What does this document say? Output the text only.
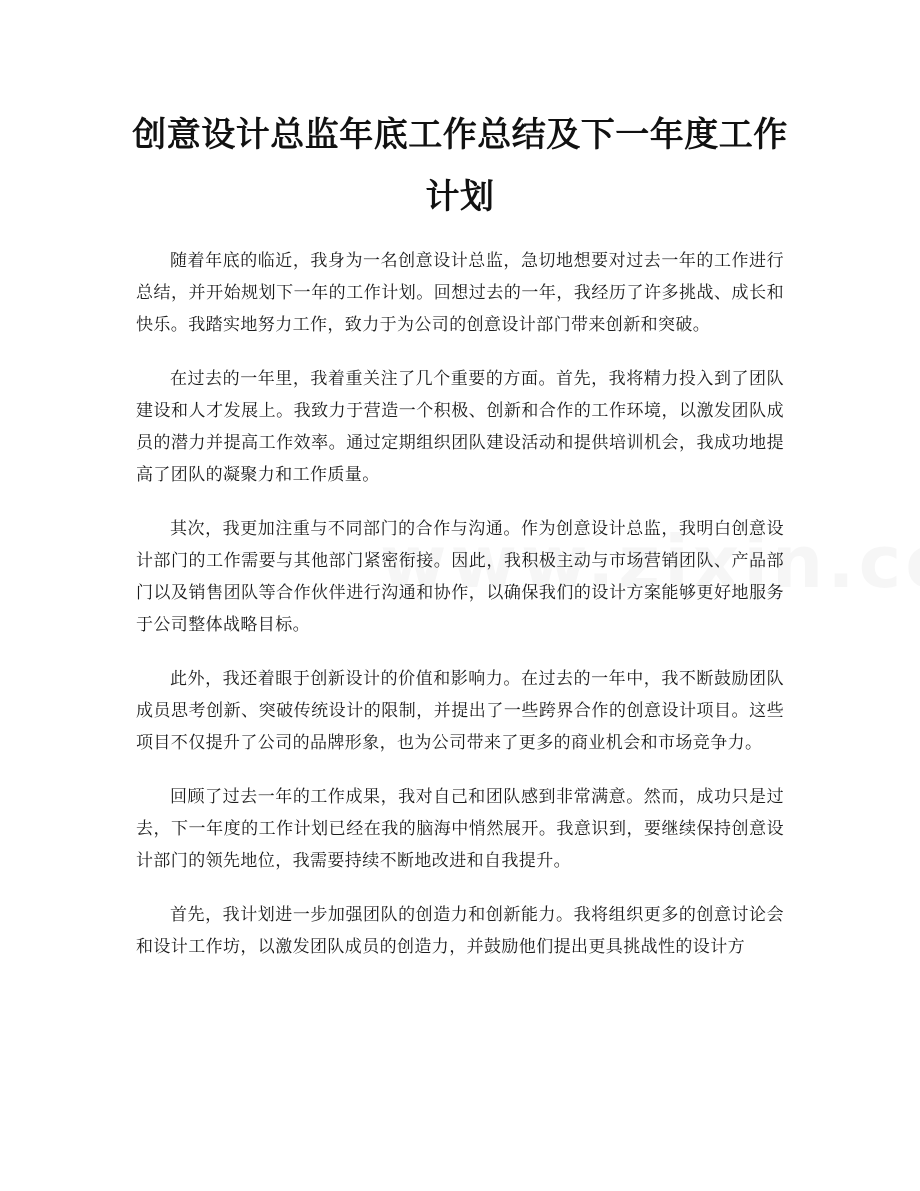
创意设计总监年底工作总结及下一年度工作计划

随着年底的临近，我身为一名创意设计总监，急切地想要对过去一年的工作进行总结，并开始规划下一年的工作计划。回想过去的一年，我经历了许多挑战、成长和快乐。我踏实地努力工作，致力于为公司的创意设计部门带来创新和突破。

在过去的一年里，我着重关注了几个重要的方面。首先，我将精力投入到了团队建设和人才发展上。我致力于营造一个积极、创新和合作的工作环境，以激发团队成员的潜力并提高工作效率。通过定期组织团队建设活动和提供培训机会，我成功地提高了团队的凝聚力和工作质量。

其次，我更加注重与不同部门的合作与沟通。作为创意设计总监，我明白创意设计部门的工作需要与其他部门紧密衔接。因此，我积极主动与市场营销团队、产品部门以及销售团队等合作伙伴进行沟通和协作，以确保我们的设计方案能够更好地服务于公司整体战略目标。

此外，我还着眼于创新设计的价值和影响力。在过去的一年中，我不断鼓励团队成员思考创新、突破传统设计的限制，并提出了一些跨界合作的创意设计项目。这些项目不仅提升了公司的品牌形象，也为公司带来了更多的商业机会和市场竞争力。

回顾了过去一年的工作成果，我对自己和团队感到非常满意。然而，成功只是过去，下一年度的工作计划已经在我的脑海中悄然展开。我意识到，要继续保持创意设计部门的领先地位，我需要持续不断地改进和自我提升。

首先，我计划进一步加强团队的创造力和创新能力。我将组织更多的创意讨论会和设计工作坊，以激发团队成员的创造力，并鼓励他们提出更具挑战性的设计方
